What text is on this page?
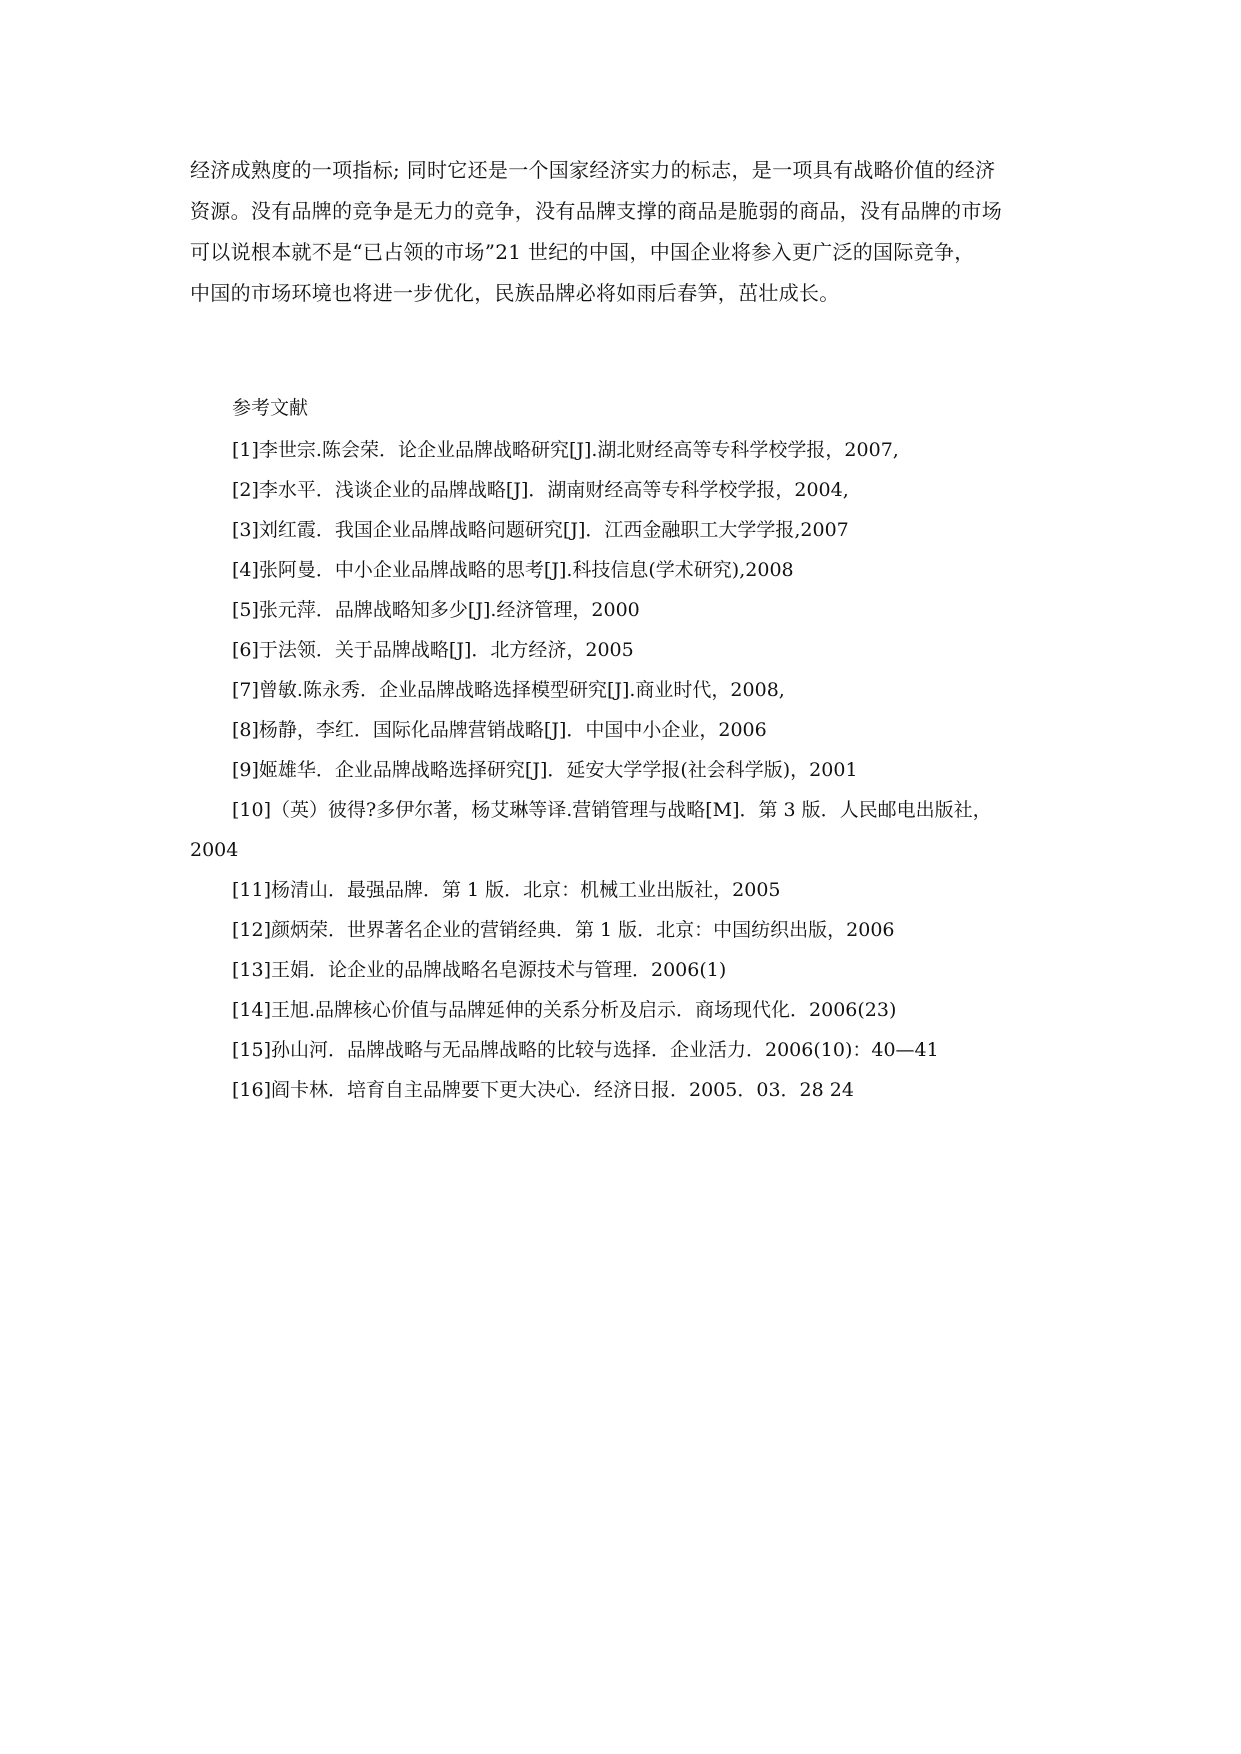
经济成熟度的一项指标; 同时它还是一个国家经济实力的标志，是一项具有战略价值的经济
资源。没有品牌的竞争是无力的竞争，没有品牌支撑的商品是脆弱的商品，没有品牌的市场
可以说根本就不是“已占领的市场”21 世纪的中国，中国企业将参入更广泛的国际竞争，
中国的市场环境也将进一步优化，民族品牌必将如雨后春笋，茁壮成长。

参考文献
[1]李世宗.陈会荣．论企业品牌战略研究[J].湖北财经高等专科学校学报，2007,
[2]李水平．浅谈企业的品牌战略[J]．湖南财经高等专科学校学报，2004,
[3]刘红霞．我国企业品牌战略问题研究[J]．江西金融职工大学学报,2007
[4]张阿曼．中小企业品牌战略的思考[J].科技信息(学术研究),2008
[5]张元萍．品牌战略知多少[J].经济管理，2000
[6]于法领．关于品牌战略[J]．北方经济，2005
[7]曾敏.陈永秀．企业品牌战略选择模型研究[J].商业时代，2008,
[8]杨静，李红．国际化品牌营销战略[J]．中国中小企业，2006
[9]姬雄华．企业品牌战略选择研究[J]．延安大学学报(社会科学版)，2001
[10]（英）彼得?多伊尔著，杨艾琳等译.营销管理与战略[M]．第 3 版．人民邮电出版社，
2004
[11]杨清山．最强品牌．第 1 版．北京：机械工业出版社，2005
[12]颜炳荣．世界著名企业的营销经典．第 1 版．北京：中国纺织出版，2006
[13]王娟．论企业的品牌战略名皂源技术与管理．2006(1)
[14]王旭.品牌核心价值与品牌延伸的关系分析及启示．商场现代化．2006(23)
[15]孙山河．品牌战略与无品牌战略的比较与选择．企业活力．2006(10)：40—41
[16]阎卡林．培育自主品牌要下更大决心．经济日报．2005．03．28 24
